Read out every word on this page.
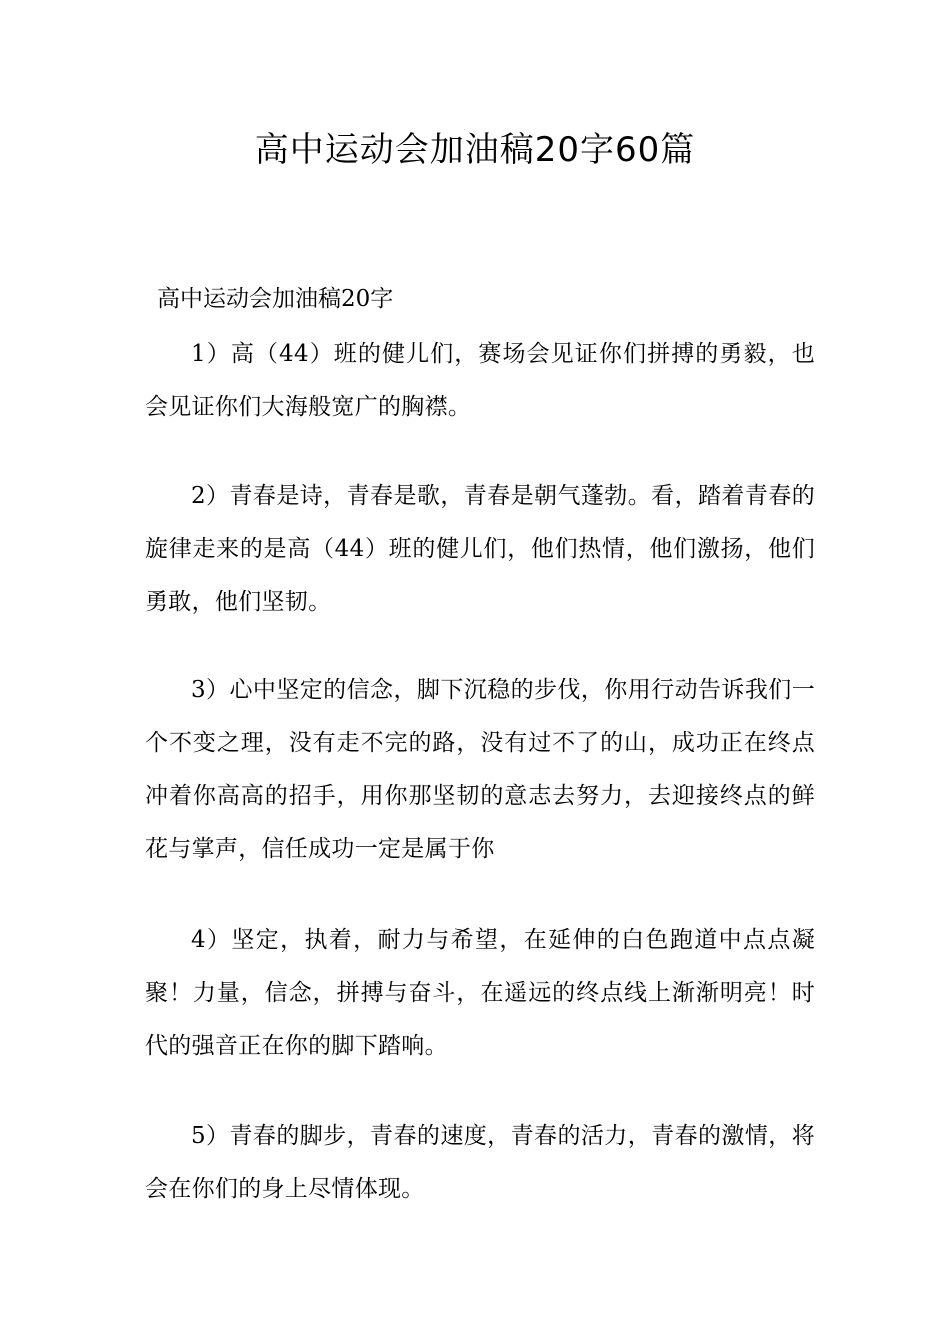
高中运动会加油稿20字60篇
高中运动会加油稿20字

1）高（44）班的健儿们，赛场会见证你们拼搏的勇毅，也会见证你们大海般宽广的胸襟。

2）青春是诗，青春是歌，青春是朝气蓬勃。看，踏着青春的旋律走来的是高（44）班的健儿们，他们热情，他们激扬，他们勇敢，他们坚韧。

3）心中坚定的信念，脚下沉稳的步伐，你用行动告诉我们一个不变之理，没有走不完的路，没有过不了的山，成功正在终点冲着你高高的招手，用你那坚韧的意志去努力，去迎接终点的鲜花与掌声，信任成功一定是属于你

4）坚定，执着，耐力与希望，在延伸的白色跑道中点点凝聚！力量，信念，拼搏与奋斗，在遥远的终点线上渐渐明亮！时代的强音正在你的脚下踏响。

5）青春的脚步，青春的速度，青春的活力，青春的激情，将会在你们的身上尽情体现。
